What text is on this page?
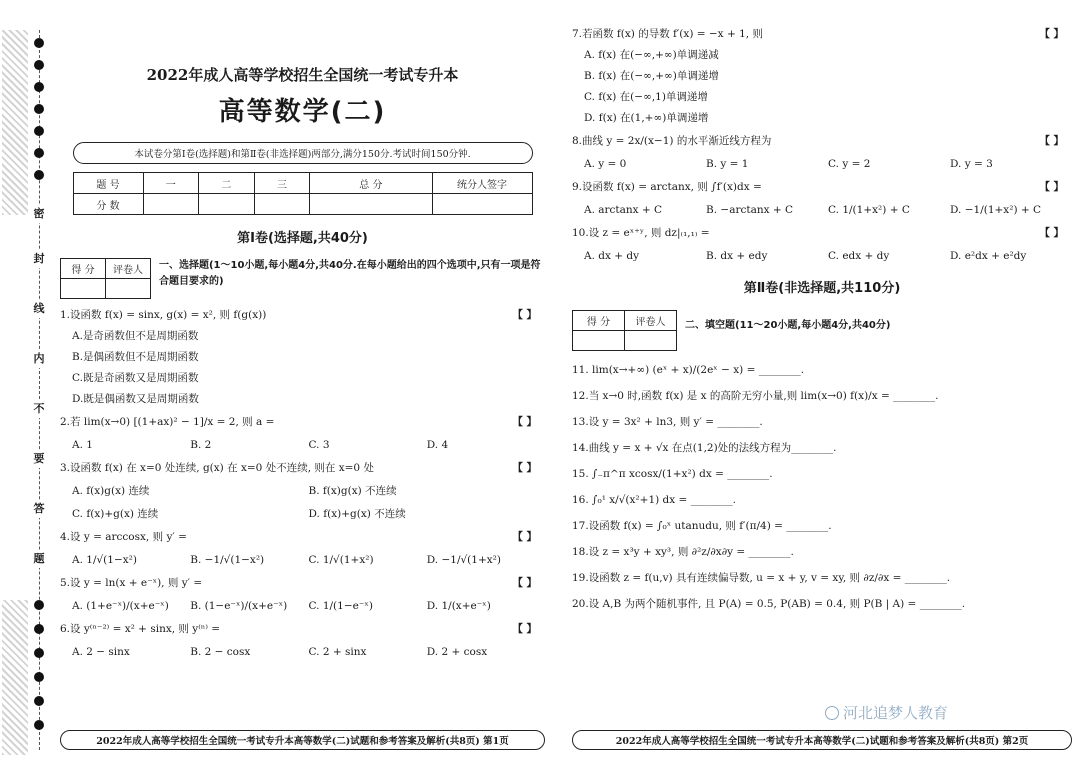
密
封
线
内
不
要
答
题
2022年成人高等学校招生全国统一考试专升本
高等数学(二)
本试卷分第Ⅰ卷(选择题)和第Ⅱ卷(非选择题)两部分,满分150分.考试时间150分钟.
题 号	一	二	三	总 分	统分人签字
分 数					
第Ⅰ卷(选择题,共40分)
得 分	评卷人
	一、选择题(1～10小题,每小题4分,共40分.在每小题给出的四个选项中,只有一项是符合题目要求的)
1.设函数 f(x) = sinx, g(x) = x², 则 f(g(x))	【 】
A.是奇函数但不是周期函数
B.是偶函数但不是周期函数
C.既是奇函数又是周期函数
D.既是偶函数又是周期函数
2.若 lim(x→0) [(1+ax)² − 1]/x = 2, 则 a =	【 】
A. 1	B. 2	C. 3	D. 4
3.设函数 f(x) 在 x=0 处连续, g(x) 在 x=0 处不连续, 则在 x=0 处	【 】
A. f(x)g(x) 连续	B. f(x)g(x) 不连续
C. f(x)+g(x) 连续	D. f(x)+g(x) 不连续
4.设 y = arccosx, 则 y′ =	【 】
A. 1/√(1−x²)	B. −1/√(1−x²)	C. 1/√(1+x²)	D. −1/√(1+x²)
5.设 y = ln(x + e⁻ˣ), 则 y′ =	【 】
A. (1+e⁻ˣ)/(x+e⁻ˣ)	B. (1−e⁻ˣ)/(x+e⁻ˣ)	C. 1/(1−e⁻ˣ)	D. 1/(x+e⁻ˣ)
6.设 y⁽ⁿ⁻²⁾ = x² + sinx, 则 y⁽ⁿ⁾ =	【 】
A. 2 − sinx	B. 2 − cosx	C. 2 + sinx	D. 2 + cosx
2022年成人高等学校招生全国统一考试专升本高等数学(二)试题和参考答案及解析(共8页) 第1页
7.若函数 f(x) 的导数 f′(x) = −x + 1, 则	【 】
A. f(x) 在(−∞,+∞)单调递减
B. f(x) 在(−∞,+∞)单调递增
C. f(x) 在(−∞,1)单调递增
D. f(x) 在(1,+∞)单调递增
8.曲线 y = 2x/(x−1) 的水平渐近线方程为	【 】
A. y = 0	B. y = 1	C. y = 2	D. y = 3
9.设函数 f(x) = arctanx, 则 ∫f′(x)dx =	【 】
A. arctanx + C	B. −arctanx + C	C. 1/(1+x²) + C	D. −1/(1+x²) + C
10.设 z = eˣ⁺ʸ, 则 dz|₍₁,₁₎ =	【 】
A. dx + dy	B. dx + edy	C. edx + dy	D. e²dx + e²dy
第Ⅱ卷(非选择题,共110分)
得 分	评卷人
	二、填空题(11～20小题,每小题4分,共40分)
11. lim(x→+∞) (eˣ + x)/(2eˣ − x) = ________.
12.当 x→0 时,函数 f(x) 是 x 的高阶无穷小量,则 lim(x→0) f(x)/x = ________.
13.设 y = 3x² + ln3, 则 y′ = ________.
14.曲线 y = x + √x 在点(1,2)处的法线方程为________.
15. ∫₋π^π xcosx/(1+x²) dx = ________.
16. ∫₀¹ x/√(x²+1) dx = ________.
17.设函数 f(x) = ∫₀ˣ utanudu, 则 f′(π/4) = ________.
18.设 z = x³y + xy³, 则 ∂²z/∂x∂y = ________.
19.设函数 z = f(u,v) 具有连续偏导数, u = x + y, v = xy, 则 ∂z/∂x = ________.
20.设 A,B 为两个随机事件, 且 P(A) = 0.5, P(AB) = 0.4, 则 P(B | A) = ________.
2022年成人高等学校招生全国统一考试专升本高等数学(二)试题和参考答案及解析(共8页) 第2页
河北追梦人教育
